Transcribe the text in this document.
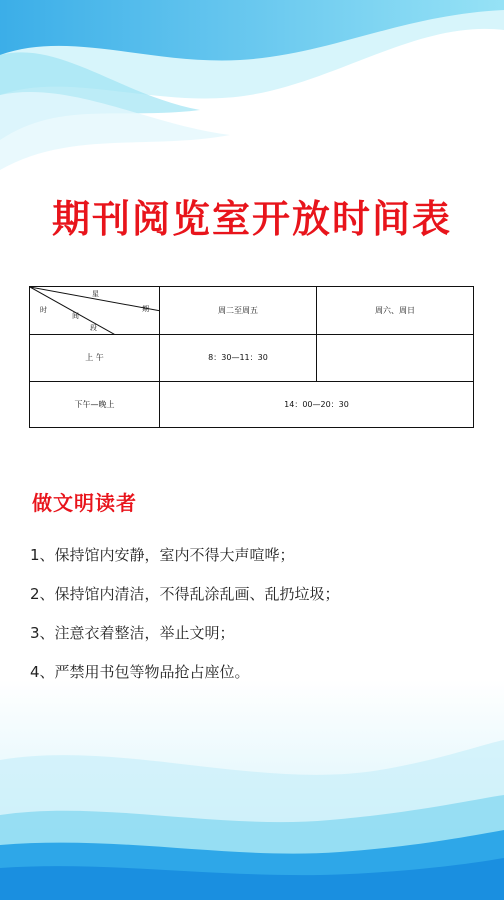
期刊阅览室开放时间表
星
期
时
间
段	周二至周五	周六、周日
上 午	8：30—11：30	
下午—晚上	14：00—20：30	
做文明读者
1、保持馆内安静，室内不得大声喧哗；
2、保持馆内清洁，不得乱涂乱画、乱扔垃圾；
3、注意衣着整洁，举止文明；
4、严禁用书包等物品抢占座位。
